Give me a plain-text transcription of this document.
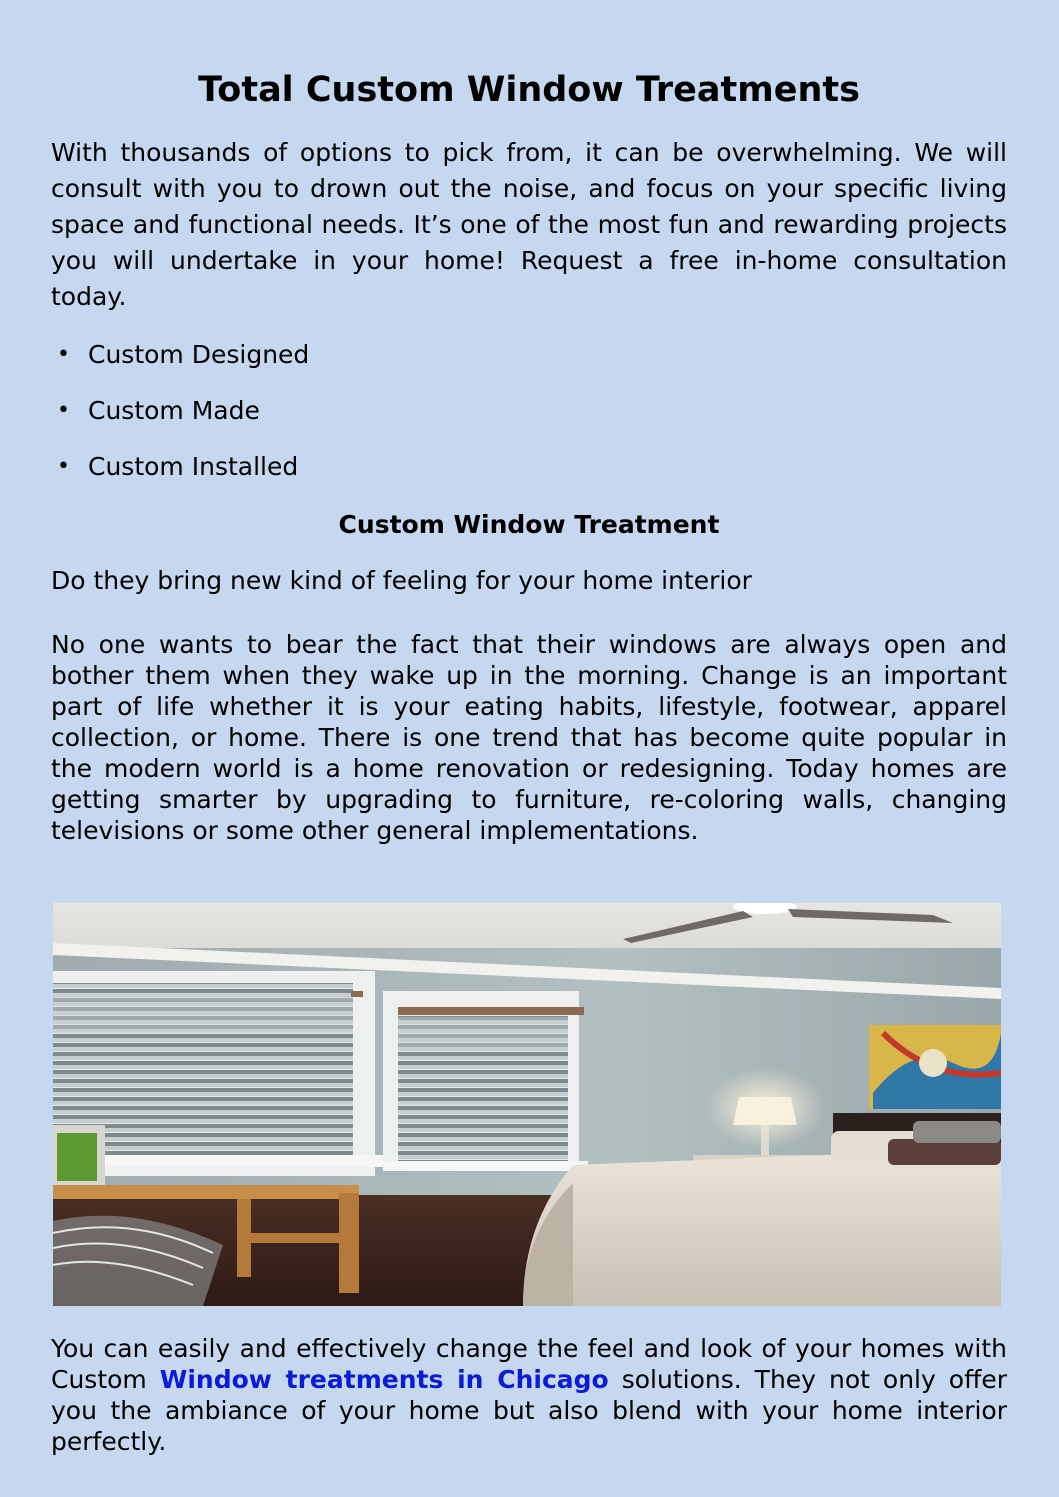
Total Custom Window Treatments

With thousands of options to pick from, it can be overwhelming. We will consult with you to drown out the noise, and focus on your specific living space and functional needs. It’s one of the most fun and rewarding projects you will undertake in your home! Request a free in-home consultation today.

• Custom Designed
• Custom Made
• Custom Installed
Custom Window Treatment

Do they bring new kind of feeling for your home interior

No one wants to bear the fact that their windows are always open and bother them when they wake up in the morning. Change is an important part of life whether it is your eating habits, lifestyle, footwear, apparel collection, or home. There is one trend that has become quite popular in the modern world is a home renovation or redesigning. Today homes are getting smarter by upgrading to furniture, re-coloring walls, changing televisions or some other general implementations.

You can easily and effectively change the feel and look of your homes with Custom Window treatments in Chicago solutions. They not only offer you the ambiance of your home but also blend with your home interior perfectly.
